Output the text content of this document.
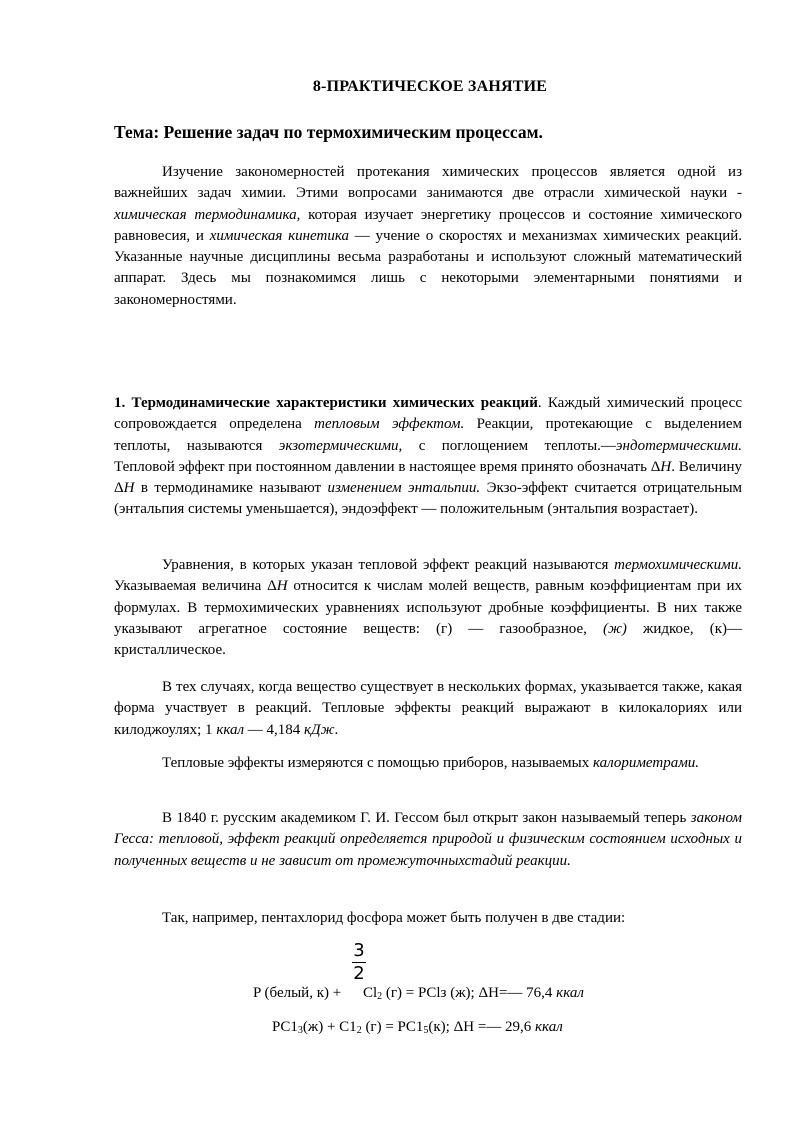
8-ПРАКТИЧЕСКОЕ ЗАНЯТИЕ
Тема: Решение задач по термохимическим процессам.
Изучение закономерностей протекания химических процессов является одной из важнейших задач химии. Этими вопросами занимаются две отрасли химической науки - химическая термодинамика, которая изучает энергетику процессов и состояние химического равновесия, и химическая кинетика — учение о скоростях и механизмах химических реакций. Указанные научные дисциплины весьма разработаны и используют сложный математический аппарат. Здесь мы познакомимся лишь с некоторыми элементарными понятиями и закономерностями.
1. Термодинамические характеристики химических реакций. Каждый химический процесс сопровождается определена тепловым эффектом. Реакции, протекающие с выделением теплоты, называются экзотермическими, с поглощением теплоты.—эндотермическими. Тепловой эффект при постоянном давлении в настоящее время принято обозначать ΔH. Величину ΔH в термодинамике называют изменением энтальпии. Экзо-эффект считается отрицательным (энтальпия системы уменьшается), эндоэффект — положительным (энтальпия возрастает).
Уравнения, в которых указан тепловой эффект реакций называются термохимическими. Указываемая величина ΔH относится к числам молей веществ, равным коэффициентам при их формулах. В термохимических уравнениях используют дробные коэффициенты. В них также указывают агрегатное состояние веществ: (г) — газообразное, (ж) жидкое, (к)—кристаллическое.
В тех случаях, когда вещество существует в нескольких формах, указывается также, какая форма участвует в реакций. Тепловые эффекты реакций выражают в килокалориях или килоджоулях; 1 ккал — 4,184 кДж.
Тепловые эффекты измеряются с помощью приборов, называемых калориметрами.
В 1840 г. русским академиком Г. И. Гессом был открыт закон называемый теперь законом Гесса: тепловой, эффект реакций определяется природой и физическим состоянием исходных и полученных веществ и не зависит от промежуточныхстадий реакции.
Так, например, пентахлорид фосфора может быть получен в две стадии:
3
2
P (белый, $к) + Cl_2$ (г) = PClз (ж); ΔH=— 76,4 ккал
$PC1_3(ж) + C1_2$ $(г) = PC1_5(к)$; ΔH =— 29,6 ккал
